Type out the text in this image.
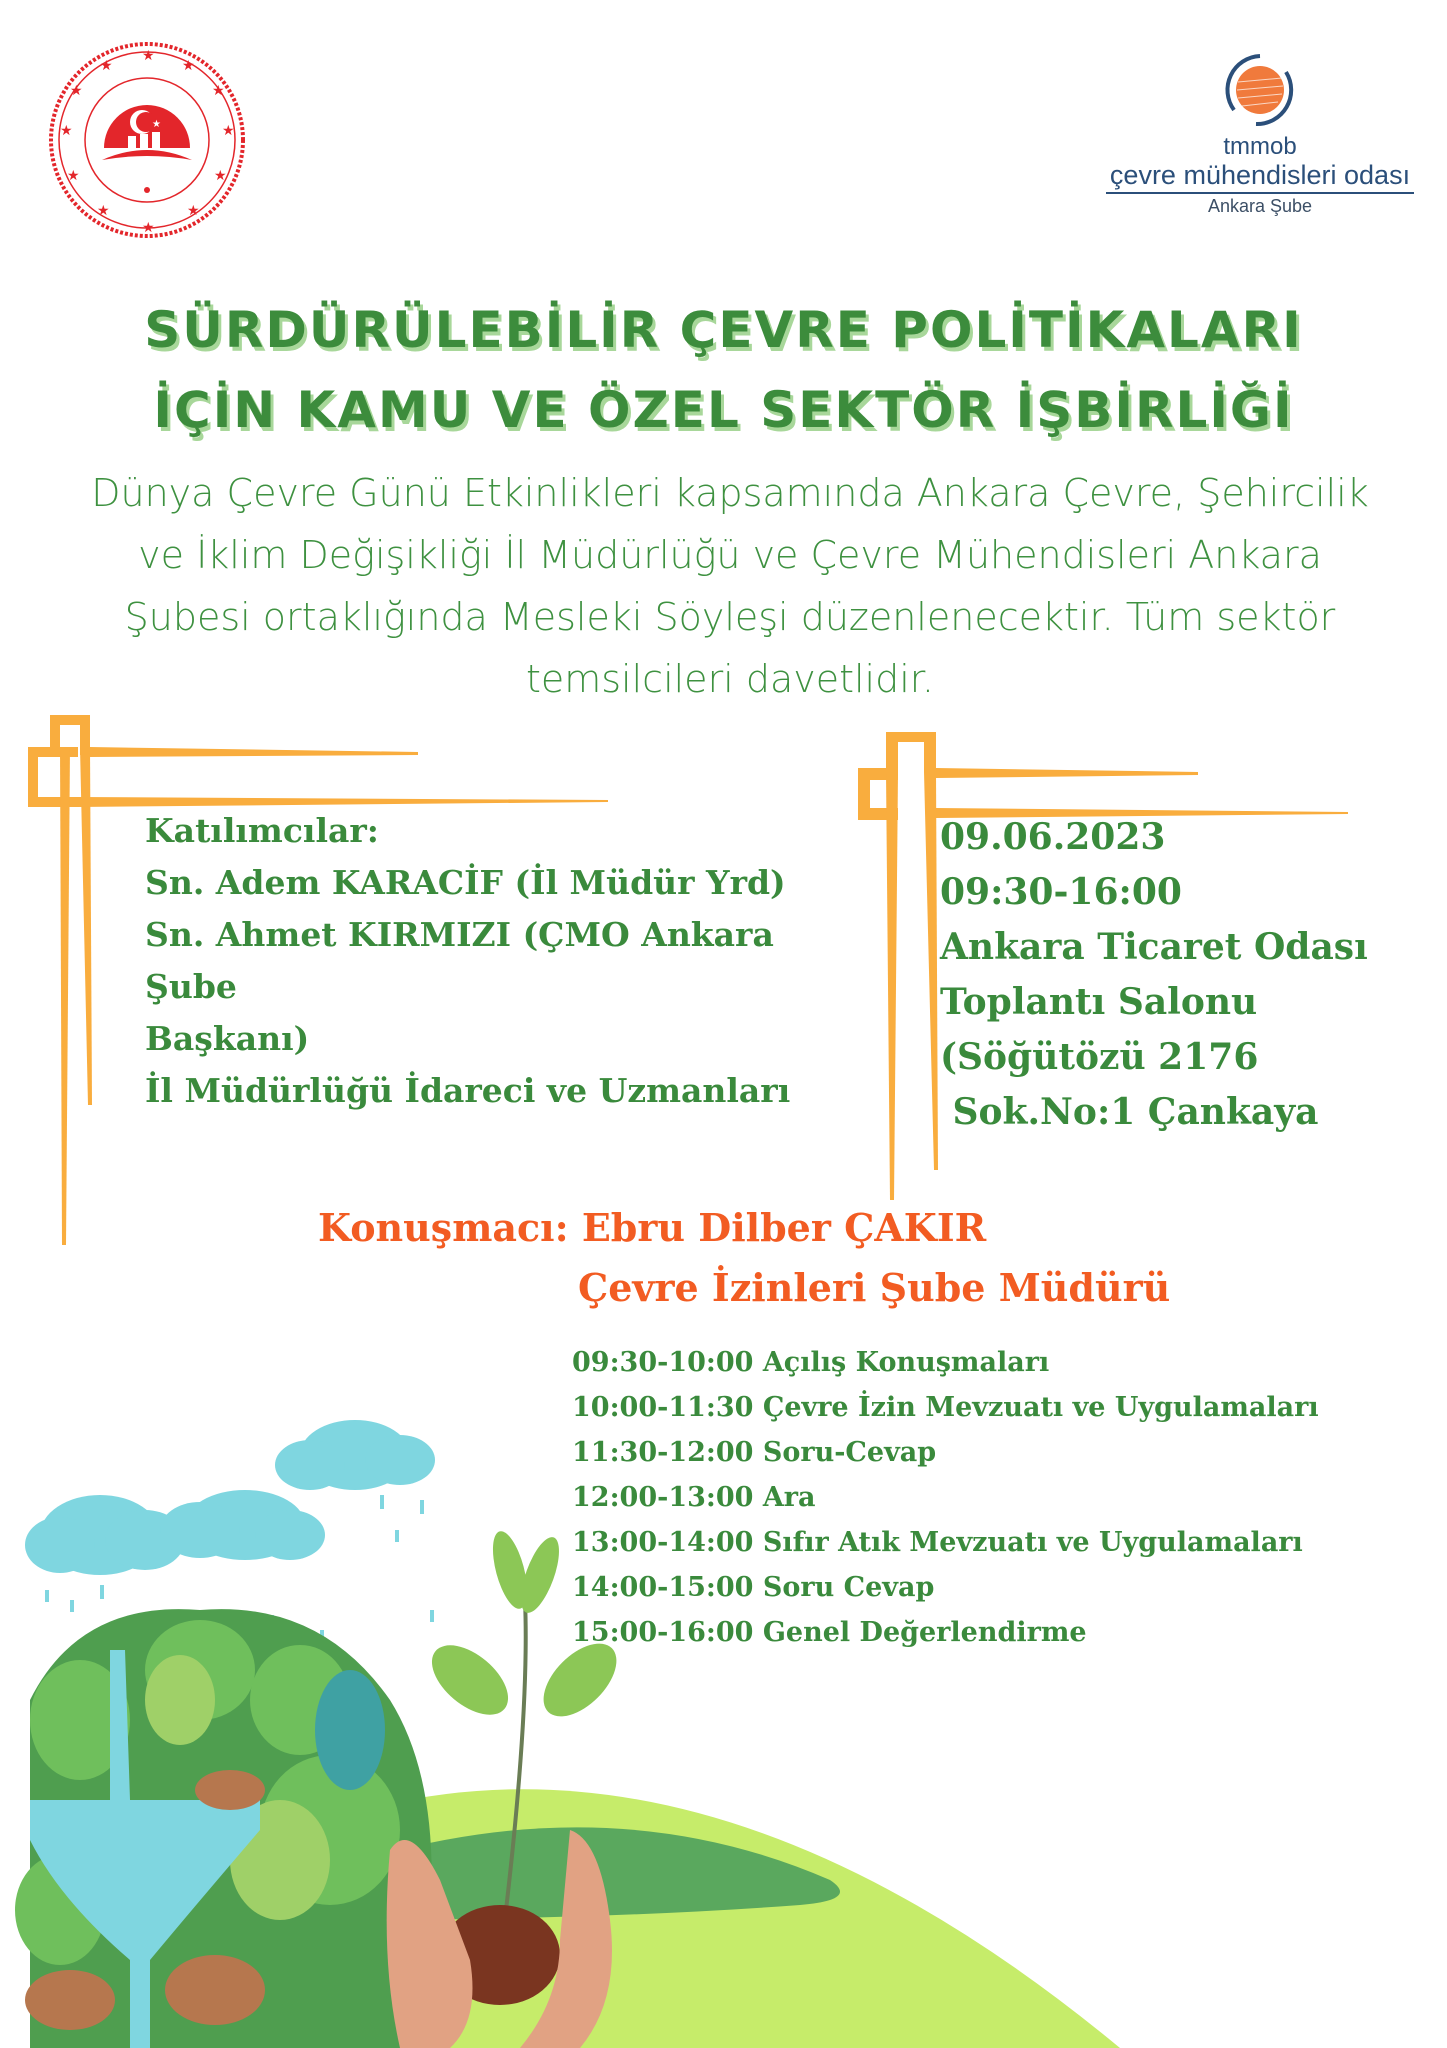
★
★
★
★
★
★
★
★
★
★
★
★
★
tmmob
çevre mühendisleri odası
Ankara Şube
SÜRDÜRÜLEBİLİR ÇEVRE POLİTİKALARI
İÇİN KAMU VE ÖZEL SEKTÖR İŞBİRLİĞİ
Dünya Çevre Günü Etkinlikleri kapsamında Ankara Çevre, Şehircilik
ve İklim Değişikliği İl Müdürlüğü ve Çevre Mühendisleri Ankara
Şubesi ortaklığında Mesleki Söyleşi düzenlenecektir. Tüm sektör
temsilcileri davetlidir.
Katılımcılar:
Sn. Adem KARACİF (İl Müdür Yrd)
Sn. Ahmet KIRMIZI (ÇMO Ankara Şube
Başkanı)
İl Müdürlüğü İdareci ve Uzmanları
09.06.2023
09:30-16:00
Ankara Ticaret Odası
Toplantı Salonu
(Söğütözü 2176
Sok.No:1 Çankaya
Konuşmacı: Ebru Dilber ÇAKIR
Çevre İzinleri Şube Müdürü
09:30-10:00 Açılış Konuşmaları
10:00-11:30 Çevre İzin Mevzuatı ve Uygulamaları
11:30-12:00 Soru-Cevap
12:00-13:00 Ara
13:00-14:00 Sıfır Atık Mevzuatı ve Uygulamaları
14:00-15:00 Soru Cevap
15:00-16:00 Genel Değerlendirme
